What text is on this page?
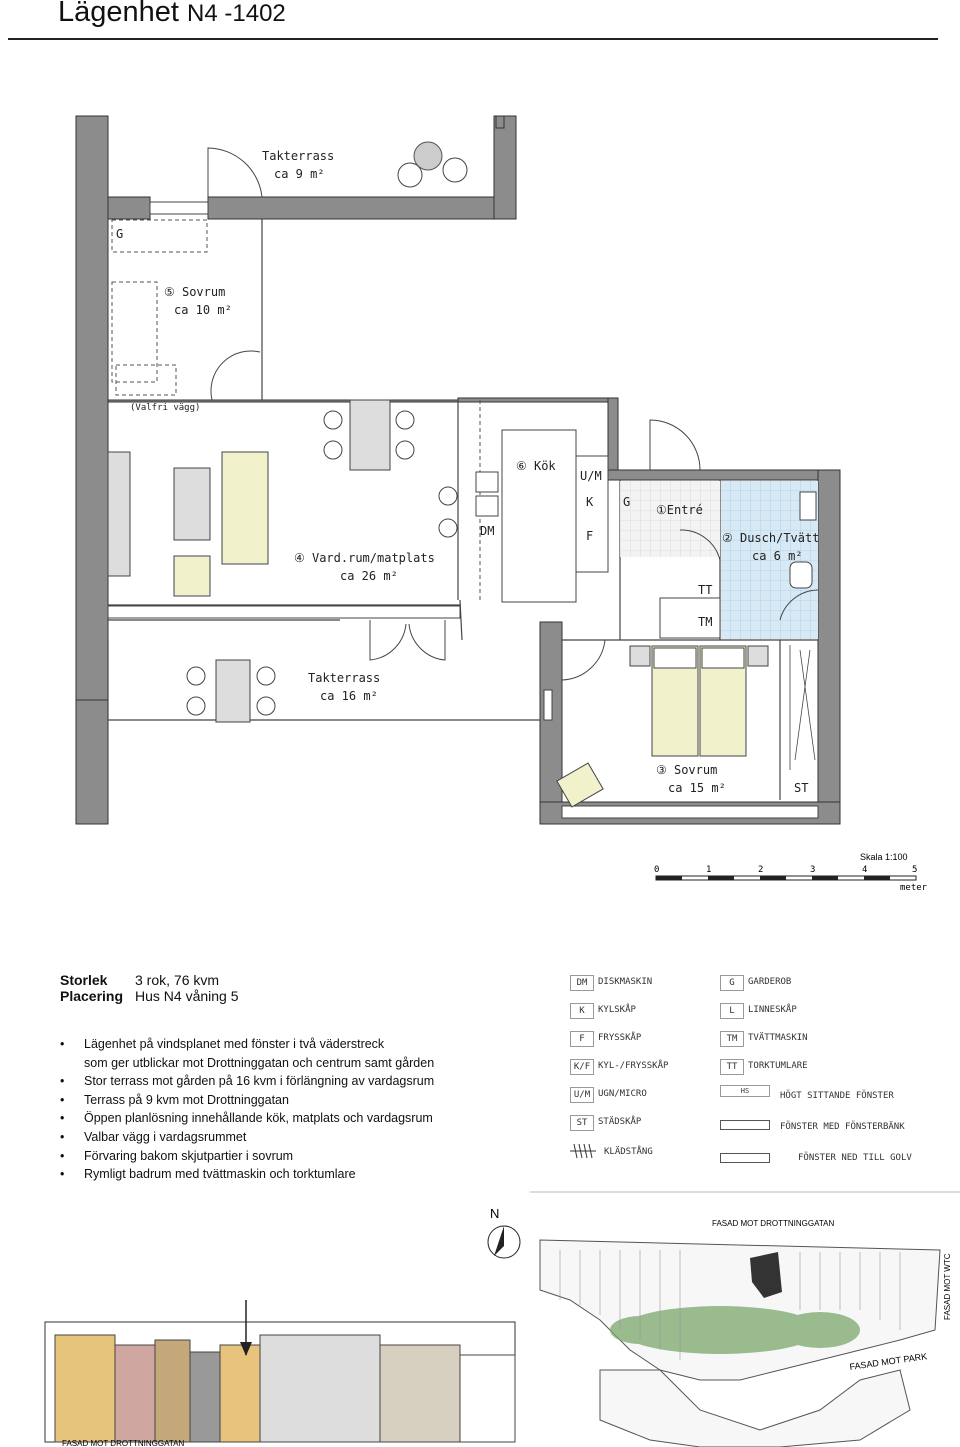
Lägenhet N4 -1402
Takterrass
ca 9 m²
G
⑤ Sovrum
ca 10 m²
(Valfri vägg)
⑥ Kök
U/M
K
F
G
①Entré
② Dusch/Tvätt
ca 6 m²
DM
④ Vard.rum/matplats
ca 26 m²
TT
TM
Takterrass
ca 16 m²
③ Sovrum
ca 15 m²	ST
Skala 1:100
0	1	2	3	4	5
meter
Storlek 3 rok, 76 kvm
Placering Hus N4 våning 5
• Lägenhet på vindsplanet med fönster i två väderstreck
som ger utblickar mot Drottninggatan och centrum samt gården
• Stor terrass mot gården på 16 kvm i förlängning av vardagsrum
• Terrass på 9 kvm mot Drottninggatan
• Öppen planlösning innehållande kök, matplats och vardagsrum
• Valbar vägg i vardagsrummet
• Förvaring bakom skjutpartier i sovrum
• Rymligt badrum med tvättmaskin och torktumlare
DM	DISKMASKIN
K	KYLSKÅP
F	FRYSSKÅP
K/F KYL-/FRYSSKÅP
U/M UGN/MICRO
ST	STÄDSKÅP
KLÄDSTÅNG
G	GARDEROB
L	LINNESKÅP
TM	TVÄTTMASKIN
TT	TORKTUMLARE
HS	HÖGT SITTANDE FÖNSTER
FÖNSTER MED FÖNSTERBÄNK
FÖNSTER NED TILL GOLV
N
FASAD MOT DROTTNINGGATAN
FASAD MOT WTC
FASAD MOT PARK
FASAD MOT DROTTNINGGATAN
